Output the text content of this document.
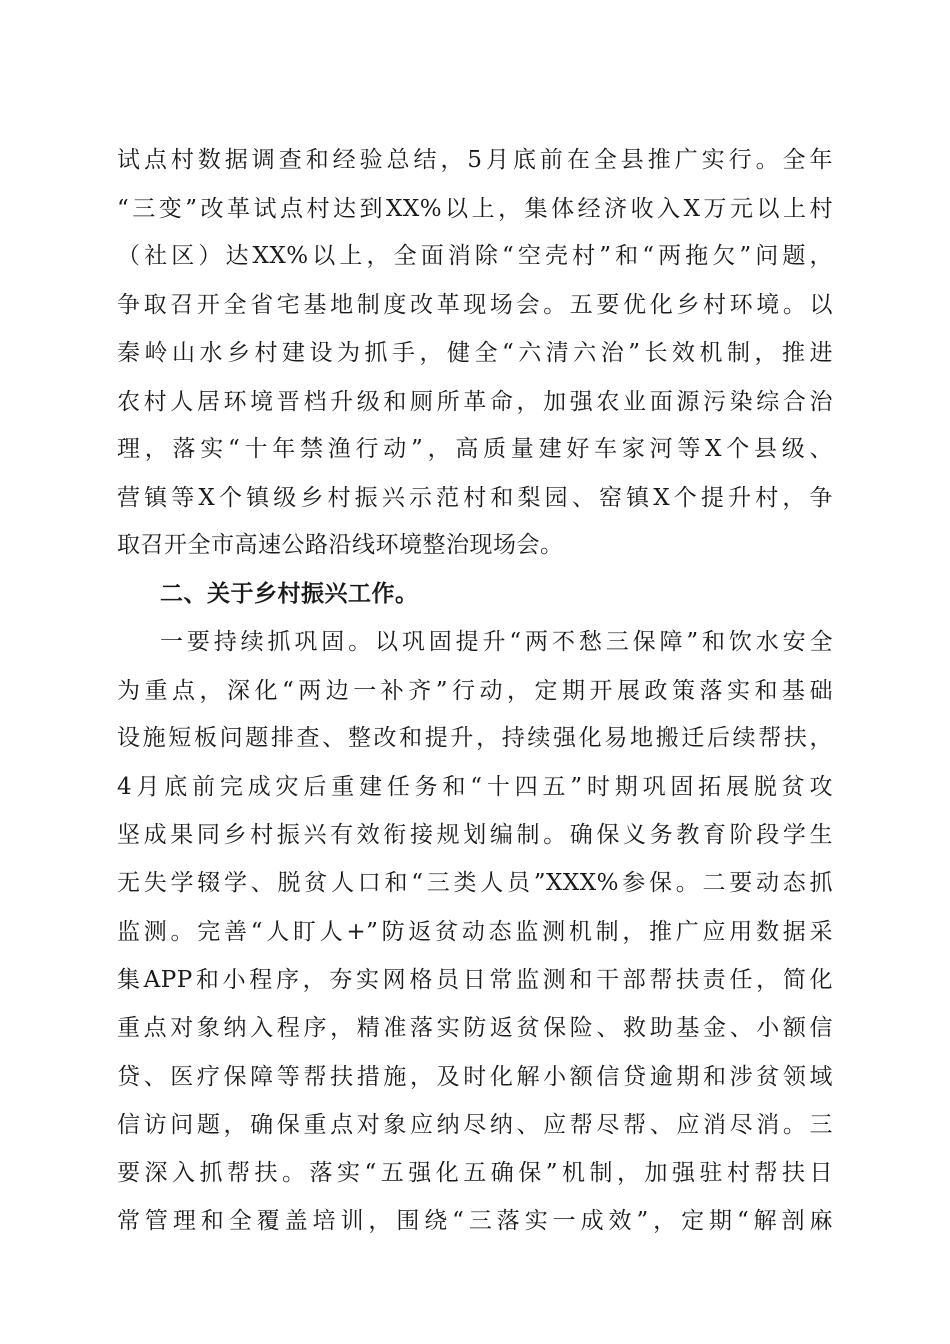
试点村数据调查和经验总结，5月底前在全县推广实行。全年
“三变”改革试点村达到XX%以上，集体经济收入X万元以上村
（社区）达XX%以上，全面消除“空壳村”和“两拖欠”问题，
争取召开全省宅基地制度改革现场会。五要优化乡村环境。以
秦岭山水乡村建设为抓手，健全“六清六治”长效机制，推进
农村人居环境晋档升级和厕所革命，加强农业面源污染综合治
理，落实“十年禁渔行动”，高质量建好车家河等X个县级、
营镇等X个镇级乡村振兴示范村和梨园、窑镇X个提升村，争
取召开全市高速公路沿线环境整治现场会。
二、关于乡村振兴工作。
一要持续抓巩固。以巩固提升“两不愁三保障”和饮水安全
为重点，深化“两边一补齐”行动，定期开展政策落实和基础
设施短板问题排查、整改和提升，持续强化易地搬迁后续帮扶，
4月底前完成灾后重建任务和“十四五”时期巩固拓展脱贫攻
坚成果同乡村振兴有效衔接规划编制。确保义务教育阶段学生
无失学辍学、脱贫人口和“三类人员”XXX%参保。二要动态抓
监测。完善“人盯人+”防返贫动态监测机制，推广应用数据采
集APP和小程序，夯实网格员日常监测和干部帮扶责任，简化
重点对象纳入程序，精准落实防返贫保险、救助基金、小额信
贷、医疗保障等帮扶措施，及时化解小额信贷逾期和涉贫领域
信访问题，确保重点对象应纳尽纳、应帮尽帮、应消尽消。三
要深入抓帮扶。落实“五强化五确保”机制，加强驻村帮扶日
常管理和全覆盖培训，围绕“三落实一成效”，定期“解剖麻
